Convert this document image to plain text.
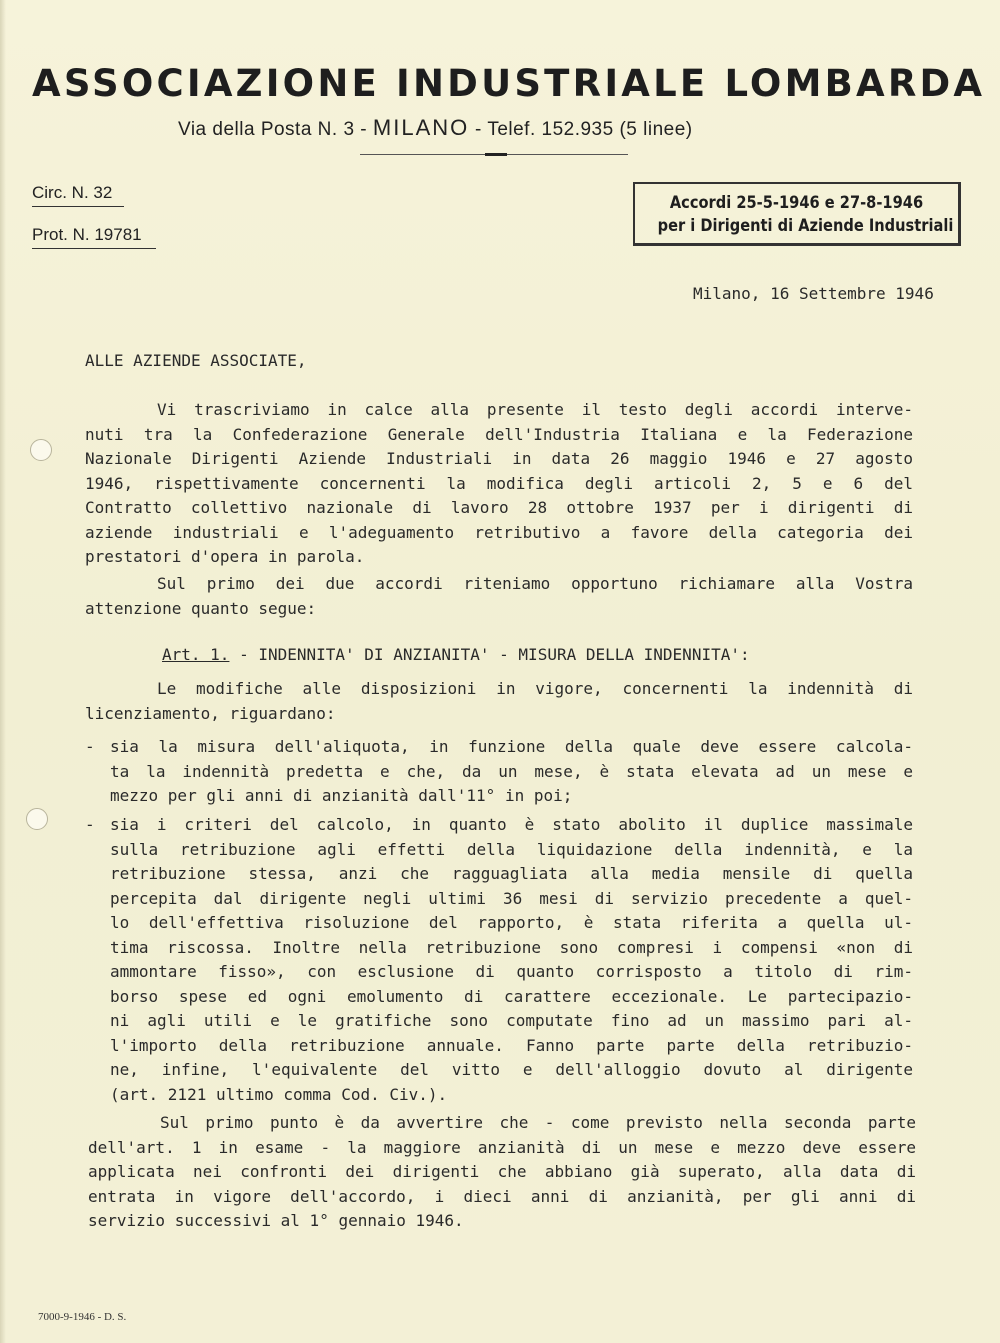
ASSOCIAZIONE INDUSTRIALE LOMBARDA
Via della Posta N. 3 - MILANO - Telef. 152.935 (5 linee)
Circ. N. 32
Prot. N. 19781
Accordi 25-5-1946 e 27-8-1946
per i Dirigenti di Aziende Industriali
Milano, 16 Settembre 1946
ALLE AZIENDE ASSOCIATE,
Vi trascriviamo in calce alla presente il testo degli accordi interve-
nuti tra la Confederazione Generale dell'Industria Italiana e la Federazione
Nazionale Dirigenti Aziende Industriali in data 26 maggio 1946 e 27 agosto
1946, rispettivamente concernenti la modifica degli articoli 2, 5 e 6 del
Contratto collettivo nazionale di lavoro 28 ottobre 1937 per i dirigenti di
aziende industriali e l'adeguamento retributivo a favore della categoria dei
prestatori d'opera in parola.
Sul primo dei due accordi riteniamo opportuno richiamare alla Vostra
attenzione quanto segue:
Art. 1. - INDENNITA' DI ANZIANITA' - MISURA DELLA INDENNITA':
Le modifiche alle disposizioni in vigore, concernenti la indennità di
licenziamento, riguardano:
- sia la misura dell'aliquota, in funzione della quale deve essere calcola-
ta la indennità predetta e che, da un mese, è stata elevata ad un mese e
mezzo per gli anni di anzianità dall'11° in poi;
- sia i criteri del calcolo, in quanto è stato abolito il duplice massimale
sulla retribuzione agli effetti della liquidazione della indennità, e la
retribuzione stessa, anzi che ragguagliata alla media mensile di quella
percepita dal dirigente negli ultimi 36 mesi di servizio precedente a quel-
lo dell'effettiva risoluzione del rapporto, è stata riferita a quella ul-
tima riscossa. Inoltre nella retribuzione sono compresi i compensi «non di
ammontare fisso», con esclusione di quanto corrisposto a titolo di rim-
borso spese ed ogni emolumento di carattere eccezionale. Le partecipazio-
ni agli utili e le gratifiche sono computate fino ad un massimo pari al-
l'importo della retribuzione annuale. Fanno parte parte della retribuzio-
ne, infine, l'equivalente del vitto e dell'alloggio dovuto al dirigente
(art. 2121 ultimo comma Cod. Civ.).
Sul primo punto è da avvertire che - come previsto nella seconda parte
dell'art. 1 in esame - la maggiore anzianità di un mese e mezzo deve essere
applicata nei confronti dei dirigenti che abbiano già superato, alla data di
entrata in vigore dell'accordo, i dieci anni di anzianità, per gli anni di
servizio successivi al 1° gennaio 1946.
7000-9-1946 - D. S.
